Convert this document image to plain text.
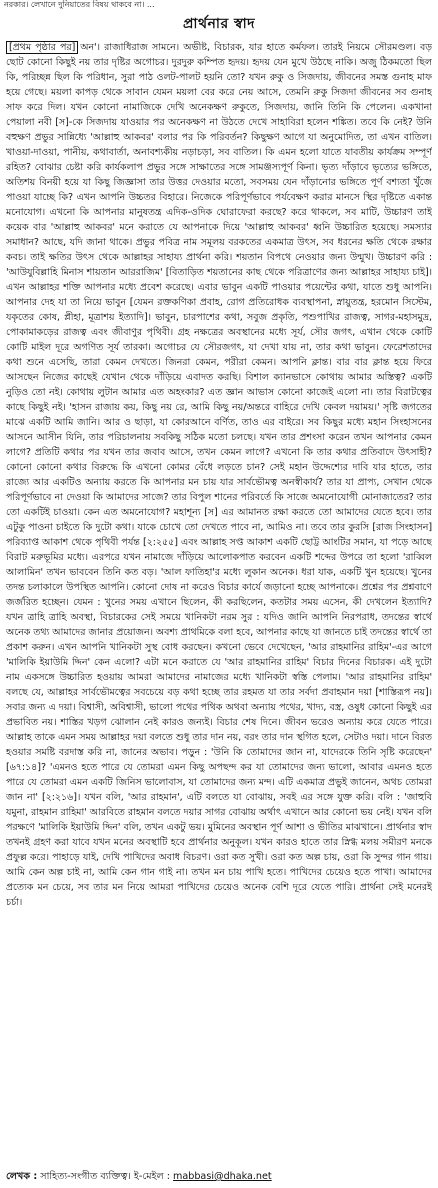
নরকার। লেখানে দুনিয়াতের বিষয় থাকবে না। ...
প্রার্থনার স্বাদ
[প্রথম পৃষ্ঠার পর] অন'। রাজাধিরাজ সামনে। অভীষ্ট, বিচারক, যার হাতে কর্মফল। তারই নিয়মে সৌরমণ্ডল। বড় ছোট কোনো কিছুই নয় তার দৃষ্টির অগোচর। দুরদুরু কম্পিত হৃদয়। হৃদয় যেন মুখে উঠছে নাকি। অজু ঠিকমতো ছিল কি, পরিচ্ছন্ন ছিল কি পরিধান, সুরা পাঠ ওলট-পালট হয়নি তো? যখন রুকু ও সিজদায়, জীবনের সমস্ত গুনাহ মাফ হয়ে গেছে। ময়লা কাপড় থেকে সাবান যেমন ময়লা বের করে নেয় আসে, তেমনি রুকু সিজদা জীবনের সব গুনাহ সাফ করে দিল। যখন কোনো নামাজিকে দেখি অনেকক্ষণ রুকুতে, সিজদায়, জানি তিনি কি পেলেন। একখানা পেয়ালা নবী [স]-কে সিজদায় যাওয়ার পর অনেকক্ষণ না উঠতে দেখে সাহাবিরা হলেন শঙ্কিত। তবে কি নেই? উনি বহুক্ষণ প্রভুর সান্নিধ্যে 'আল্লাহু আকবর' বলার পর কি পরিবর্তন? কিছুক্ষণ আগে যা অনুমোদিত, তা এখন বাতিল। খাওয়া-দাওয়া, পানীয়, কথাবার্তা, অনাবশ্যকীয় নড়াচড়া, সব বাতিল। কি এমন হলো যাতে যাবতীয় কার্যক্রম সম্পূর্ণ রহিত? বোঝার চেষ্টা করি কার্যকলাপ প্রভুর সঙ্গে সাক্ষাতের সঙ্গে সামঞ্জস্যপূর্ণ কিনা। ভৃত্য দাঁড়াবে ভৃত্যের ভঙ্গিতে, অতিশয় বিনয়ী হয়ে যা কিছু জিজ্ঞাসা তার উত্তর দেওয়ার মতো, সবসময় যেন দাঁড়ানোর ভঙ্গিতে পূর্ণ বশ্যতা খুঁজে পাওয়া যাচ্ছে কি? এখন আপনি উচ্চতর বিহারে। নিজেকে পরিপূর্ণভাবে পর্যবেক্ষণ করার মানসে স্থির দৃষ্টিতে একান্ত মনোযোগ। এখনো কি আপনার মানুষতন্ত্র এদিক-ওদিক ঘোরাফেরা করছে? করে থাকলে, সব মাটি, উচ্চারণ তাই কয়েক বার 'আল্লাহু আকবর' মনে করাতে যে আপনাকে দিয়ে 'আল্লাহু আকবর' ধ্বনি উচ্চারিত হয়েছে। সমস্যার সমাধান? আছে, যদি জানা থাকে। প্রভুর পবিত্র নাম সমূলয় বরকতের একমাত্র উৎস, সব ধরনের ক্ষতি থেকে রক্ষার কবচ। তাই ক্ষতির উৎস থেকে আল্লাহর সাহায্য প্রার্থনা করি। শয়তান বিপথে নেওয়ার জন্য উন্মুখ। উচ্চারণ করি : 'আউযুবিল্লাহি মিনাস শায়তান আররাজিম' [বিতাড়িত শয়তানের কাছ থেকে পরিত্রাণের জন্য আল্লাহর সাহায্য চাই]। এখন আল্লাহর শক্তি আপনার মধ্যে প্রবেশ করেছে। এবার ভাবুন একটি পাওয়ার পয়েন্টের কথা, যাতে শুধু আপনি। আপনার দেহ যা তা নিয়ে ভাবুন [যেমন রক্তকণিকা প্রবাহ, রোগ প্রতিরোধক ব্যবস্থাপনা, স্নায়ুতন্ত্র, হরমোন সিস্টেম, যকৃতের কোষ, প্লীহা, মূত্রাশয় ইত্যাদি]। ভাবুন, চারপাশের কথা, সবুজ প্রকৃতি, পশুপাখির রাজত্ব, সাগর-মহাসমুদ্র, পোকামাকড়ের রাজত্ব এবং জীবাণুর পৃথিবী। গ্রহ নক্ষত্রের অবস্থানের মধ্যে সূর্য, সৌর জগৎ, এখান থেকে কোটি কোটি মাইল দূরে অগণিত সূর্য তারকা। অগোচর যে সৌরজগৎ, যা দেখা যায় না, তার কথা ভাবুন। ফেরেশতাদের কথা শুনে এসেছি, তারা কেমন দেখতে। জিনরা কেমন, পরীরা কেমন। আপনি ক্লান্ত। বার বার ক্লান্ত হয়ে ফিরে আসছেন নিজের কাছেই যেখান থেকে দাঁড়িয়ে এবাদত করছি। বিশাল ক্যানভাসে কোথায় আমার অস্তিত্ব? একটি নুড়িও তো নই। কোথায় লুটান আমার এত অহংকার? এত জ্ঞান আভাস কোনো কাজেই এলো না। তার বিরাটত্বের কাছে কিছুই নই। 'হাসন রাজায় কয়, কিছু নয় রে, আমি কিছু নয়/অন্তরে বাহিরে দেখি কেবল দয়াময়।' সৃষ্টি জগতের মাঝে একটি আমি জানি। আর ও ছাড়া, যা কোরআনে বর্ণিত, তাও এর বাইরে। সব কিছুর মধ্যে মহান সিংহাসনের আসনে আসীন যিনি, তার পরিচালনায় সবকিছু সঠিক মতো চলছে। যখন তার প্রশংসা করেন তখন আপনার কেমন লাগে? প্রতিটি কথার পর যখন তার জবাব আসে, তখন কেমন লাগে? এখনো কি তার কথার প্রতিবাদে উৎসাহী? কোনো কোনো কথার বিরুদ্ধে কি এখনো কোমর বেঁধে লড়তে চান? সেই মহান উদ্দেশ্যের দাবি যার হাতে, তার রাজ্যে আর একটিও অন্যায় করতে কি আপনার মন চায় যার সার্বভৌমত্ব অনস্বীকার্য? তার যা প্রাপ্য, সেখান থেকে পরিপূর্ণভাবে না দেওয়া কি আমাদের সাজে? তার বিপুল শানের পরিবর্তে কি সাজে অমনোযোগী মোনাজাতের? তার তো একটিই চাওয়া। কেন এত অমনোযোগ? মহাশূন্য [স] এর আমানত রক্ষা করতে তো আমাদের যেতে হবে। তার এটুকু পাওনা চাইতে কি দুটো কথা। যাকে চোখে তো দেখতে পাবে না, আমিও না। তবে তার কুরসি [রাজ সিংহাসন] পরিব্যাপ্ত আকাশ থেকে পৃথিবী পর্যন্ত [২:২৫৫] এবং আল্লাহ সপ্ত আকাশ একটি ছোট্ট আংটির সমান, যা পড়ে আছে বিরাট মরুভূমির মধ্যে। এরপরে যখন নামাজে দাঁড়িয়ে আলোকপাত করবেন একটি শব্দের উপরে তা হলো 'রাব্বিল আলামিন' তখন ভাববেন তিনি কত বড়। 'আল ফাতিহা'র মধ্যে লুকান অনেক। ধরা যাক, একটি খুন হয়েছে। খুনের তদন্ত চলাকালে উপস্থিত আপনি। কোনো দোষ না করেও বিচার কার্যে জড়ানো হচ্ছে আপনাকে। প্রশ্নের পর প্রশ্নবাণে জর্জরিত হচ্ছেন। যেমন : খুনের সময় এখানে ছিলেন, কী করছিলেন, কতটার সময় এসেন, কী দেখলেন ইত্যাদি? যখন ত্রাহি ত্রাহি অবস্থা, বিচারকের সেই সময়ে খানিকটা নরম সুর : যদিও জানি আপনি নিরপরাধ, তদন্তের স্বার্থে অনেক তথ্য আমাদের জানার প্রয়োজন। অবশ্য প্রাথমিকে বলা হবে, আপনার কাছে যা জানতে চাই তদন্তের স্বার্থে তা প্রকাশ করুন। এখন আপনি খানিকটা সুস্থ বোধ করছেন। কখনো ভেবে দেখেছেন, 'আর রাহমানির রাহিম'-এর আগে 'মালিকি ইয়াউমি দ্দিন' কেন এলো? এটা মনে করাতে যে 'আর রাহমানির রাহিম' বিচার দিনের বিচারক। এই দুটো নাম একসঙ্গে উচ্চারিত হওয়ায় আমরা আমাদের নামাজের মধ্যে খানিকটা স্বস্তি পেলাম। 'আর রাহমানির রাহিম' বলছে যে, আল্লাহর সার্বভৌমত্বের সবচেয়ে বড় কথা হচ্ছে তার রহমত যা তার সর্বদা প্রবাহমান দয়া [শাস্তিরূপ নয়]। সবার জন্য এ দয়া। বিশ্বাসী, অবিশ্বাসী, ভালো পথের পথিক অথবা অন্যায় পথের, খাদ্য, বস্ত্র, ওষুধ কোনো কিছুই এর প্রভাবিত নয়। শাস্তির খড়গ ঝোলান নেই কারও জন্যই। বিচার শেষ দিনে। জীবন ভরেও অন্যায় করে যেতে পারে। আল্লাহ তাকে এমন সময় আল্লাহর দয়া বলতে শুধু তার দান নয়, বরং তার দান স্থগিত হলে, সেটাও দয়া। দানে বিরত হওয়ার সমষ্টি বরদাস্ত করি না, জানের অভাব। পড়ুন : 'উনি কি তোমাদের জান না, যাদেরকে তিনি সৃষ্টি করেছেন' [৬৭:১৪]? 'এমনও হতে পারে যে তোমরা এমন কিছু অপছন্দ কর যা তোমাদের জন্য ভালো, আবার এমনও হতে পারে যে তোমরা এমন একটি জিনিস ভালোবাস, যা তোমাদের জন্য মন্দ। এটি একমাত্র প্রভুই জানেন, অথচ তোমরা জান না' [২:২১৬]। যখন বলি, 'আর রাহমান', এটি বলতে যা বোঝায়, সবই এর সঙ্গে যুক্ত করি। বলি : 'জাহুবি যমুনা, রাহমান রাহিমা' আরবিতে রাহমান বলতে দয়ার সাগর বোঝায় অর্থাৎ এখানে আর কোনো ভয় নেই। যখন বলি পরক্ষণে 'মালিকি ইয়াউমি দ্দিন' বলি, তখন একটু ভয়। মুমিনের অবস্থান পূর্ণ আশা ও ভীতির মাঝখানে। প্রার্থনার স্বাদ তখনই গ্রহণ করা যাবে যখন মনের অবস্থাটি হবে প্রার্থনার অনুকূল। যখন কারও হাতে তার স্নিগ্ধ মলয় সমীরণ মনকে প্রফুল্ল করে। পাহাড়ে যাই, দেখি পাখিদের অবাধ বিচরণ। ওরা কত সুখী। ওরা কত অল্প চায়, ওরা কি সুন্দর গান গায়। আমি কেন অল্প চাই না, আমি কেন গান গাই না। তখন মন চায় পাখি হতে। পাখিদের চেয়েও হতে পাখা। আমাদের প্রত্যেক মন চেয়ে, সব তার মন নিয়ে আমরা পাখিদের চেয়েও অনেক বেশি দূরে যেতে পারি। প্রার্থনা সেই মনেরই চর্চা।
লেখক : সাহিত্য-সংগীত ব্যক্তিত্ব। ই-মেইল : mabbasi@dhaka.net
